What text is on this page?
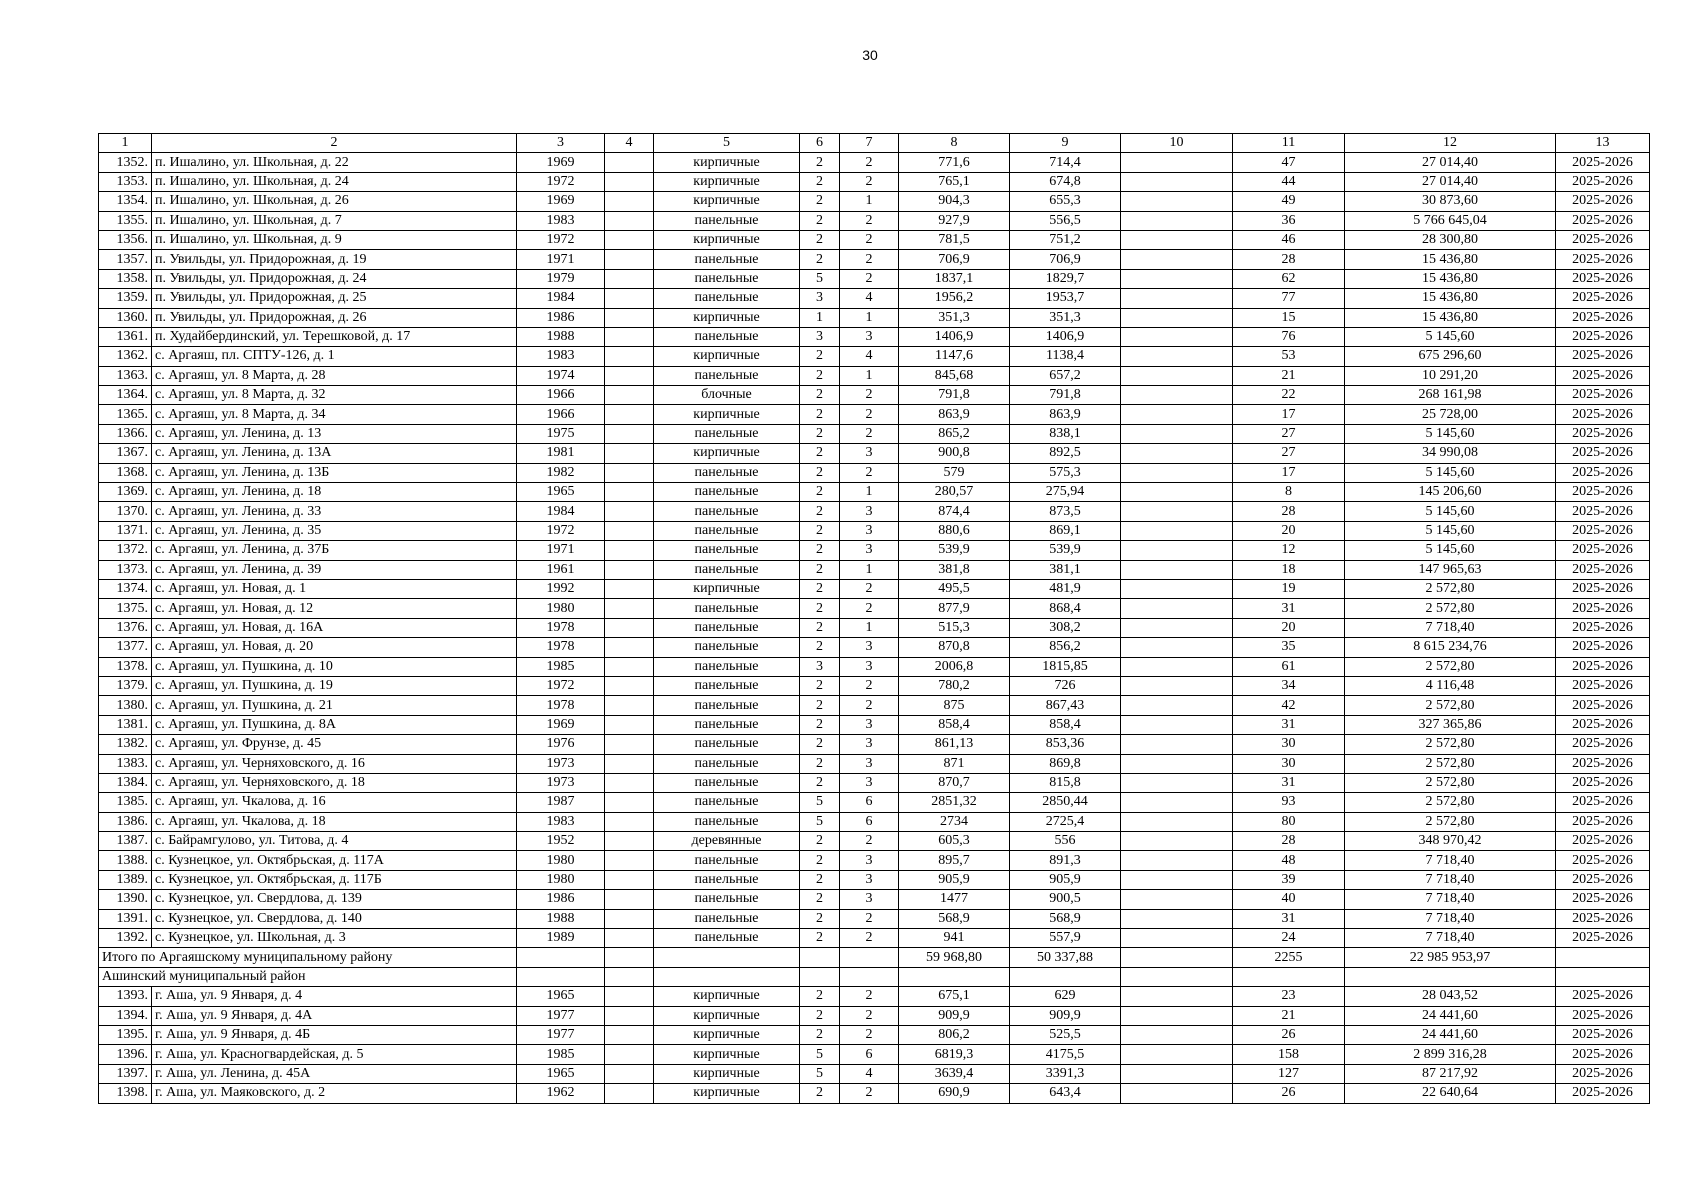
30
1	2	3	4	5	6	7	8	9	10	11	12	13
1352.	п. Ишалино, ул. Школьная, д. 22	1969		кирпичные	2	2	771,6	714,4		47	27 014,40	2025-2026
1353.	п. Ишалино, ул. Школьная, д. 24	1972		кирпичные	2	2	765,1	674,8		44	27 014,40	2025-2026
1354.	п. Ишалино, ул. Школьная, д. 26	1969		кирпичные	2	1	904,3	655,3		49	30 873,60	2025-2026
1355.	п. Ишалино, ул. Школьная, д. 7	1983		панельные	2	2	927,9	556,5		36	5 766 645,04	2025-2026
1356.	п. Ишалино, ул. Школьная, д. 9	1972		кирпичные	2	2	781,5	751,2		46	28 300,80	2025-2026
1357.	п. Увильды, ул. Придорожная, д. 19	1971		панельные	2	2	706,9	706,9		28	15 436,80	2025-2026
1358.	п. Увильды, ул. Придорожная, д. 24	1979		панельные	5	2	1837,1	1829,7		62	15 436,80	2025-2026
1359.	п. Увильды, ул. Придорожная, д. 25	1984		панельные	3	4	1956,2	1953,7		77	15 436,80	2025-2026
1360.	п. Увильды, ул. Придорожная, д. 26	1986		кирпичные	1	1	351,3	351,3		15	15 436,80	2025-2026
1361.	п. Худайбердинский, ул. Терешковой, д. 17	1988		панельные	3	3	1406,9	1406,9		76	5 145,60	2025-2026
1362.	с. Аргаяш, пл. СПТУ-126, д. 1	1983		кирпичные	2	4	1147,6	1138,4		53	675 296,60	2025-2026
1363.	с. Аргаяш, ул. 8 Марта, д. 28	1974		панельные	2	1	845,68	657,2		21	10 291,20	2025-2026
1364.	с. Аргаяш, ул. 8 Марта, д. 32	1966		блочные	2	2	791,8	791,8		22	268 161,98	2025-2026
1365.	с. Аргаяш, ул. 8 Марта, д. 34	1966		кирпичные	2	2	863,9	863,9		17	25 728,00	2025-2026
1366.	с. Аргаяш, ул. Ленина, д. 13	1975		панельные	2	2	865,2	838,1		27	5 145,60	2025-2026
1367.	с. Аргаяш, ул. Ленина, д. 13А	1981		кирпичные	2	3	900,8	892,5		27	34 990,08	2025-2026
1368.	с. Аргаяш, ул. Ленина, д. 13Б	1982		панельные	2	2	579	575,3		17	5 145,60	2025-2026
1369.	с. Аргаяш, ул. Ленина, д. 18	1965		панельные	2	1	280,57	275,94		8	145 206,60	2025-2026
1370.	с. Аргаяш, ул. Ленина, д. 33	1984		панельные	2	3	874,4	873,5		28	5 145,60	2025-2026
1371.	с. Аргаяш, ул. Ленина, д. 35	1972		панельные	2	3	880,6	869,1		20	5 145,60	2025-2026
1372.	с. Аргаяш, ул. Ленина, д. 37Б	1971		панельные	2	3	539,9	539,9		12	5 145,60	2025-2026
1373.	с. Аргаяш, ул. Ленина, д. 39	1961		панельные	2	1	381,8	381,1		18	147 965,63	2025-2026
1374.	с. Аргаяш, ул. Новая, д. 1	1992		кирпичные	2	2	495,5	481,9		19	2 572,80	2025-2026
1375.	с. Аргаяш, ул. Новая, д. 12	1980		панельные	2	2	877,9	868,4		31	2 572,80	2025-2026
1376.	с. Аргаяш, ул. Новая, д. 16А	1978		панельные	2	1	515,3	308,2		20	7 718,40	2025-2026
1377.	с. Аргаяш, ул. Новая, д. 20	1978		панельные	2	3	870,8	856,2		35	8 615 234,76	2025-2026
1378.	с. Аргаяш, ул. Пушкина, д. 10	1985		панельные	3	3	2006,8	1815,85		61	2 572,80	2025-2026
1379.	с. Аргаяш, ул. Пушкина, д. 19	1972		панельные	2	2	780,2	726		34	4 116,48	2025-2026
1380.	с. Аргаяш, ул. Пушкина, д. 21	1978		панельные	2	2	875	867,43		42	2 572,80	2025-2026
1381.	с. Аргаяш, ул. Пушкина, д. 8А	1969		панельные	2	3	858,4	858,4		31	327 365,86	2025-2026
1382.	с. Аргаяш, ул. Фрунзе, д. 45	1976		панельные	2	3	861,13	853,36		30	2 572,80	2025-2026
1383.	с. Аргаяш, ул. Черняховского, д. 16	1973		панельные	2	3	871	869,8		30	2 572,80	2025-2026
1384.	с. Аргаяш, ул. Черняховского, д. 18	1973		панельные	2	3	870,7	815,8		31	2 572,80	2025-2026
1385.	с. Аргаяш, ул. Чкалова, д. 16	1987		панельные	5	6	2851,32	2850,44		93	2 572,80	2025-2026
1386.	с. Аргаяш, ул. Чкалова, д. 18	1983		панельные	5	6	2734	2725,4		80	2 572,80	2025-2026
1387.	с. Байрамгулово, ул. Титова, д. 4	1952		деревянные	2	2	605,3	556		28	348 970,42	2025-2026
1388.	с. Кузнецкое, ул. Октябрьская, д. 117А	1980		панельные	2	3	895,7	891,3		48	7 718,40	2025-2026
1389.	с. Кузнецкое, ул. Октябрьская, д. 117Б	1980		панельные	2	3	905,9	905,9		39	7 718,40	2025-2026
1390.	с. Кузнецкое, ул. Свердлова, д. 139	1986		панельные	2	3	1477	900,5		40	7 718,40	2025-2026
1391.	с. Кузнецкое, ул. Свердлова, д. 140	1988		панельные	2	2	568,9	568,9		31	7 718,40	2025-2026
1392.	с. Кузнецкое, ул. Школьная, д. 3	1989		панельные	2	2	941	557,9		24	7 718,40	2025-2026
Итого по Аргаяшскому муниципальному району							59 968,80	50 337,88		2255	22 985 953,97	
Ашинский муниципальный район												
1393.	г. Аша, ул. 9 Января, д. 4	1965		кирпичные	2	2	675,1	629		23	28 043,52	2025-2026
1394.	г. Аша, ул. 9 Января, д. 4А	1977		кирпичные	2	2	909,9	909,9		21	24 441,60	2025-2026
1395.	г. Аша, ул. 9 Января, д. 4Б	1977		кирпичные	2	2	806,2	525,5		26	24 441,60	2025-2026
1396.	г. Аша, ул. Красногвардейская, д. 5	1985		кирпичные	5	6	6819,3	4175,5		158	2 899 316,28	2025-2026
1397.	г. Аша, ул. Ленина, д. 45А	1965		кирпичные	5	4	3639,4	3391,3		127	87 217,92	2025-2026
1398.	г. Аша, ул. Маяковского, д. 2	1962		кирпичные	2	2	690,9	643,4		26	22 640,64	2025-2026
